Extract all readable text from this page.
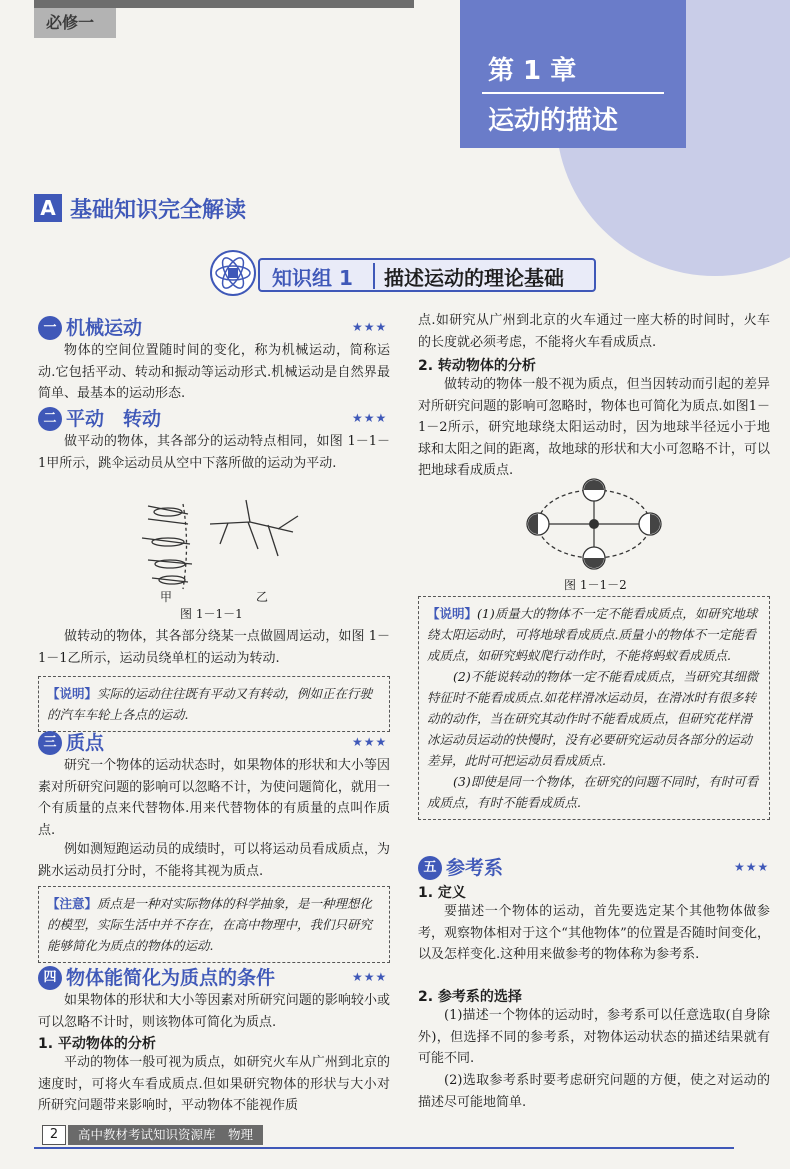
必修一
第 1 章
运动的描述
A 基础知识完全解读
知识组 1 描述运动的理论基础
一 机械运动	★★★

物体的空间位置随时间的变化，称为机械运动，简称运动.它包括平动、转动和振动等运动形式.机械运动是自然界最简单、最基本的运动形态.

二 平动　转动	★★★

做平动的物体，其各部分的运动特点相同，如图 1－1－1甲所示，跳伞运动员从空中下落所做的运动为平动.

甲	乙
图 1－1－1

做转动的物体，其各部分绕某一点做圆周运动，如图 1－1－1乙所示，运动员绕单杠的运动为转动.

【说明】实际的运动往往既有平动又有转动，例如正在行驶的汽车车轮上各点的运动.
三 质点	★★★

研究一个物体的运动状态时，如果物体的形状和大小等因素对所研究问题的影响可以忽略不计，为使问题简化，就用一个有质量的点来代替物体.用来代替物体的有质量的点叫作质点.

例如测短跑运动员的成绩时，可以将运动员看成质点，为跳水运动员打分时，不能将其视为质点.

【注意】质点是一种对实际物体的科学抽象，是一种理想化的模型，实际生活中并不存在，在高中物理中，我们只研究能够简化为质点的物体的运动.
四 物体能简化为质点的条件	★★★

如果物体的形状和大小等因素对所研究问题的影响较小或可以忽略不计时，则该物体可简化为质点.

1. 平动物体的分析

平动的物体一般可视为质点，如研究火车从广州到北京的速度时，可将火车看成质点.但如果研究物体的形状与大小对所研究问题带来影响时，平动物体不能视作质

点.如研究从广州到北京的火车通过一座大桥的时间时，火车的长度就必须考虑，不能将火车看成质点.

2. 转动物体的分析

做转动的物体一般不视为质点，但当因转动而引起的差异对所研究问题的影响可忽略时，物体也可简化为质点.如图1－1－2所示，研究地球绕太阳运动时，因为地球半径远小于地球和太阳之间的距离，故地球的形状和大小可忽略不计，可以把地球看成质点.

图 1－1－2
【说明】(1)质量大的物体不一定不能看成质点，如研究地球绕太阳运动时，可将地球看成质点.质量小的物体不一定能看成质点，如研究蚂蚁爬行动作时，不能将蚂蚁看成质点.
(2)不能说转动的物体一定不能看成质点，当研究其细微特征时不能看成质点.如花样滑冰运动员，在滑冰时有很多转动的动作，当在研究其动作时不能看成质点，但研究花样滑冰运动员运动的快慢时，没有必要研究运动员各部分的运动差异，此时可把运动员看成质点.
(3)即使是同一个物体，在研究的问题不同时，有时可看成质点，有时不能看成质点.
五 参考系	★★★
1. 定义

要描述一个物体的运动，首先要选定某个其他物体做参考，观察物体相对于这个“其他物体”的位置是否随时间变化，以及怎样变化.这种用来做参考的物体称为参考系.

2. 参考系的选择

(1)描述一个物体的运动时，参考系可以任意选取(自身除外)，但选择不同的参考系，对物体运动状态的描述结果就有可能不同.

(2)选取参考系时要考虑研究问题的方便，使之对运动的描述尽可能地简单.

2	高中教材考试知识资源库　物理
